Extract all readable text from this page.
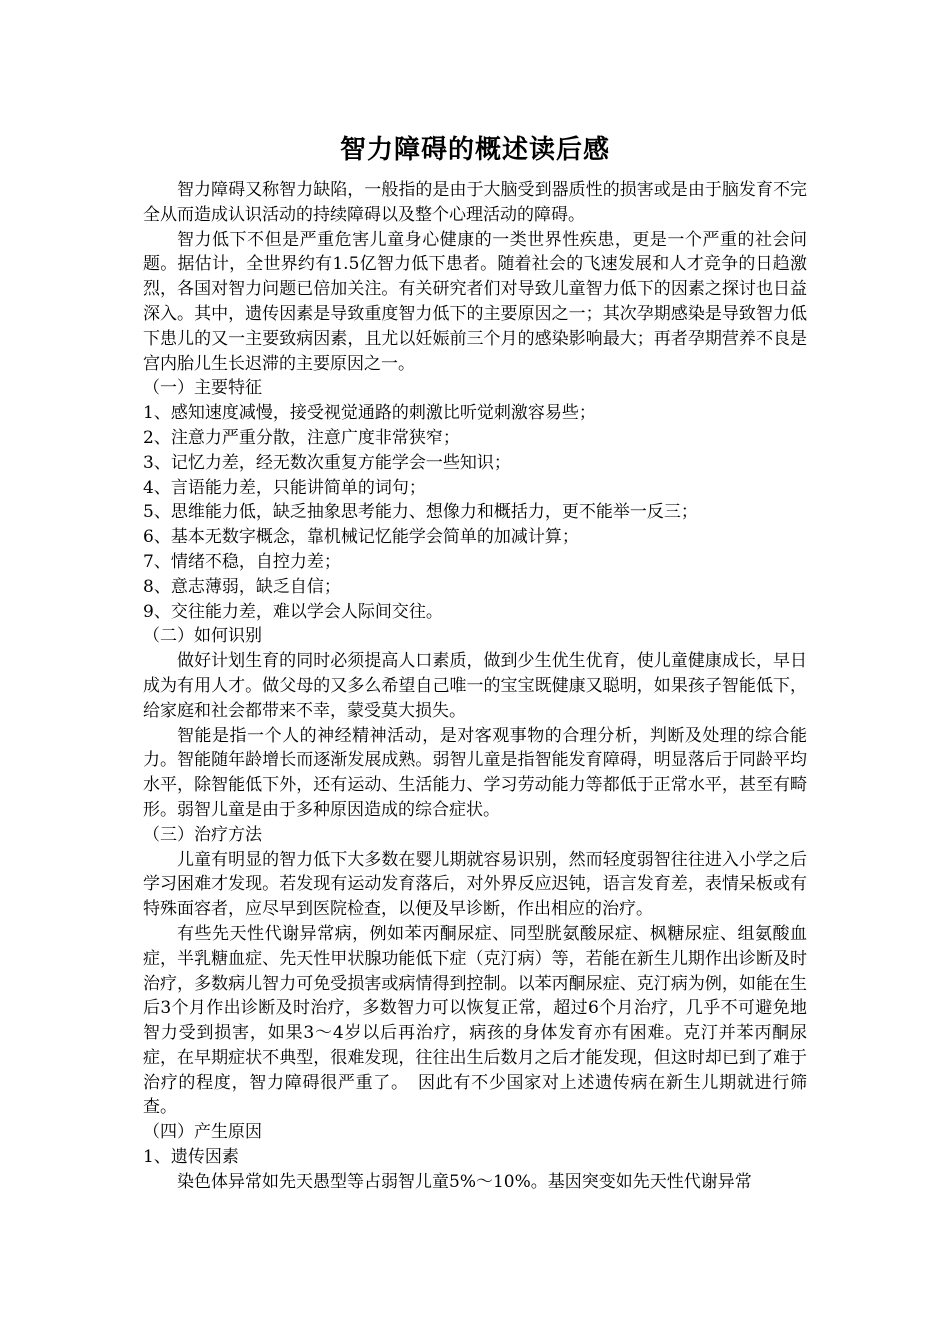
智力障碍的概述读后感

智力障碍又称智力缺陷，一般指的是由于大脑受到器质性的损害或是由于脑发育不完全从而造成认识活动的持续障碍以及整个心理活动的障碍。

智力低下不但是严重危害儿童身心健康的一类世界性疾患，更是一个严重的社会问题。据估计，全世界约有1.5亿智力低下患者。随着社会的飞速发展和人才竞争的日趋激烈，各国对智力问题已倍加关注。有关研究者们对导致儿童智力低下的因素之探讨也日益深入。其中，遗传因素是导致重度智力低下的主要原因之一；其次孕期感染是导致智力低下患儿的又一主要致病因素，且尤以妊娠前三个月的感染影响最大；再者孕期营养不良是宫内胎儿生长迟滞的主要原因之一。

（一）主要特征

1、感知速度减慢，接受视觉通路的刺激比听觉刺激容易些；

2、注意力严重分散，注意广度非常狭窄；

3、记忆力差，经无数次重复方能学会一些知识；

4、言语能力差，只能讲简单的词句；

5、思维能力低，缺乏抽象思考能力、想像力和概括力，更不能举一反三；

6、基本无数字概念，靠机械记忆能学会简单的加减计算；

7、情绪不稳，自控力差；

8、意志薄弱，缺乏自信；

9、交往能力差，难以学会人际间交往。

（二）如何识别

做好计划生育的同时必须提高人口素质，做到少生优生优育，使儿童健康成长，早日成为有用人才。做父母的又多么希望自己唯一的宝宝既健康又聪明，如果孩子智能低下，给家庭和社会都带来不幸，蒙受莫大损失。

智能是指一个人的神经精神活动，是对客观事物的合理分析，判断及处理的综合能力。智能随年龄增长而逐渐发展成熟。弱智儿童是指智能发育障碍，明显落后于同龄平均水平，除智能低下外，还有运动、生活能力、学习劳动能力等都低于正常水平，甚至有畸形。弱智儿童是由于多种原因造成的综合症状。

（三）治疗方法

儿童有明显的智力低下大多数在婴儿期就容易识别，然而轻度弱智往往进入小学之后学习困难才发现。若发现有运动发育落后，对外界反应迟钝，语言发育差，表情呆板或有特殊面容者，应尽早到医院检查，以便及早诊断，作出相应的治疗。

有些先天性代谢异常病，例如苯丙酮尿症、同型胱氨酸尿症、枫糖尿症、组氨酸血症，半乳糖血症、先天性甲状腺功能低下症（克汀病）等，若能在新生儿期作出诊断及时治疗，多数病儿智力可免受损害或病情得到控制。以苯丙酮尿症、克汀病为例，如能在生后3个月作出诊断及时治疗，多数智力可以恢复正常，超过6个月治疗，几乎不可避免地智力受到损害，如果3～4岁以后再治疗，病孩的身体发育亦有困难。克汀并苯丙酮尿症，在早期症状不典型，很难发现，往往出生后数月之后才能发现，但这时却已到了难于治疗的程度，智力障碍很严重了。　因此有不少国家对上述遗传病在新生儿期就进行筛查。

（四）产生原因

1、遗传因素

染色体异常如先天愚型等占弱智儿童5%～10%。基因突变如先天性代谢异常
